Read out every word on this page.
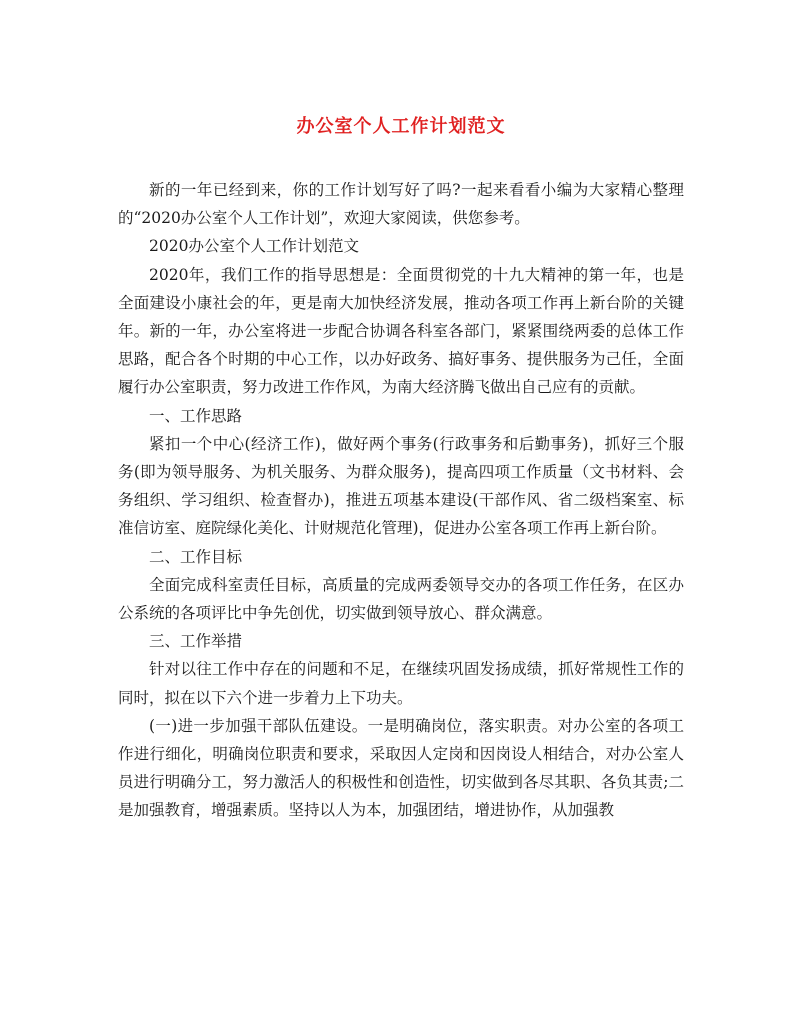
办公室个人工作计划范文

新的一年已经到来，你的工作计划写好了吗?一起来看看小编为大家精心整理的“2020办公室个人工作计划”，欢迎大家阅读，供您参考。

2020办公室个人工作计划范文

2020年，我们工作的指导思想是：全面贯彻党的十九大精神的第一年，也是全面建设小康社会的年，更是南大加快经济发展，推动各项工作再上新台阶的关键年。新的一年，办公室将进一步配合协调各科室各部门，紧紧围绕两委的总体工作思路，配合各个时期的中心工作，以办好政务、搞好事务、提供服务为己任，全面履行办公室职责，努力改进工作作风，为南大经济腾飞做出自己应有的贡献。

一、工作思路

紧扣一个中心(经济工作)，做好两个事务(行政事务和后勤事务)，抓好三个服务(即为领导服务、为机关服务、为群众服务)，提高四项工作质量（文书材料、会务组织、学习组织、检查督办)，推进五项基本建设(干部作风、省二级档案室、标准信访室、庭院绿化美化、计财规范化管理)，促进办公室各项工作再上新台阶。

二、工作目标

全面完成科室责任目标，高质量的完成两委领导交办的各项工作任务，在区办公系统的各项评比中争先创优，切实做到领导放心、群众满意。

三、工作举措

针对以往工作中存在的问题和不足，在继续巩固发扬成绩，抓好常规性工作的同时，拟在以下六个进一步着力上下功夫。

(一)进一步加强干部队伍建设。一是明确岗位，落实职责。对办公室的各项工作进行细化，明确岗位职责和要求，采取因人定岗和因岗设人相结合，对办公室人员进行明确分工，努力激活人的积极性和创造性，切实做到各尽其职、各负其责;二是加强教育，增强素质。坚持以人为本，加强团结，增进协作，从加强教
